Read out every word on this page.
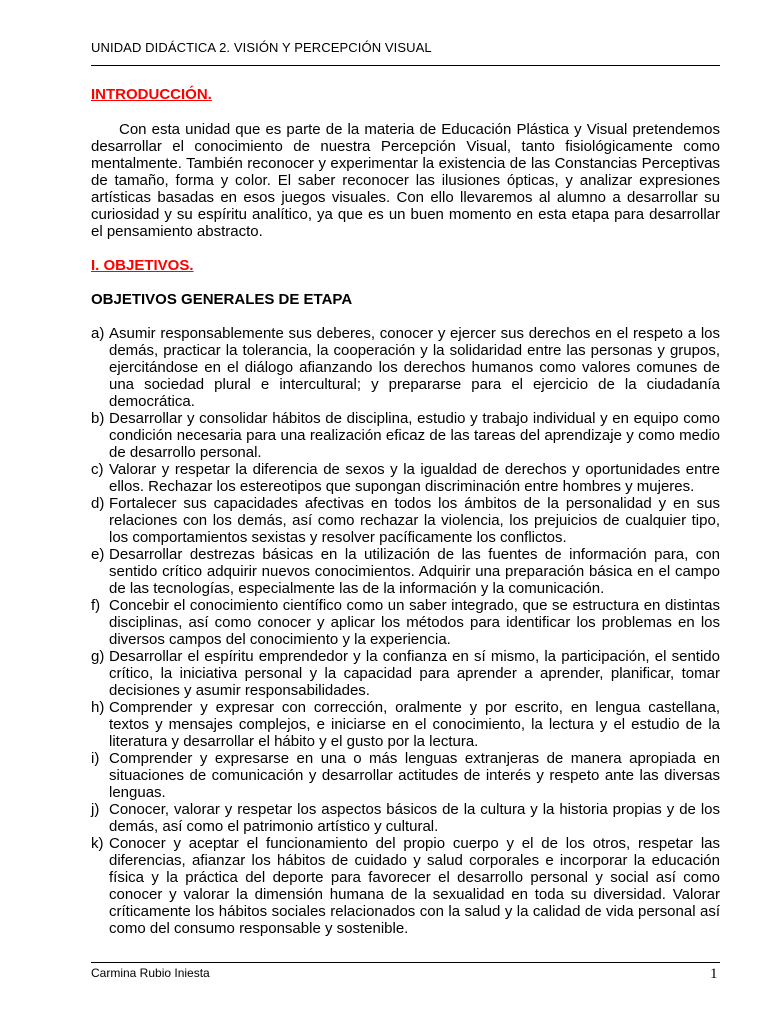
UNIDAD DIDÁCTICA 2. VISIÓN Y PERCEPCIÓN VISUAL

INTRODUCCIÓN.

Con esta unidad que es parte de la materia de Educación Plástica y Visual pretendemos desarrollar el conocimiento de nuestra Percepción Visual, tanto fisiológicamente como mentalmente. También reconocer y experimentar la existencia de las Constancias Perceptivas de tamaño, forma y color. El saber reconocer las ilusiones ópticas, y analizar expresiones artísticas basadas en esos juegos visuales. Con ello llevaremos al alumno a desarrollar su curiosidad y su espíritu analítico, ya que es un buen momento en esta etapa para desarrollar el pensamiento abstracto.

I. OBJETIVOS.

OBJETIVOS GENERALES DE ETAPA

a) Asumir responsablemente sus deberes, conocer y ejercer sus derechos en el respeto a los demás, practicar la tolerancia, la cooperación y la solidaridad entre las personas y grupos, ejercitándose en el diálogo afianzando los derechos humanos como valores comunes de una sociedad plural e intercultural; y prepararse para el ejercicio de la ciudadanía democrática.
b) Desarrollar y consolidar hábitos de disciplina, estudio y trabajo individual y en equipo como condición necesaria para una realización eficaz de las tareas del aprendizaje y como medio de desarrollo personal.
c) Valorar y respetar la diferencia de sexos y la igualdad de derechos y oportunidades entre ellos. Rechazar los estereotipos que supongan discriminación entre hombres y mujeres.
d) Fortalecer sus capacidades afectivas en todos los ámbitos de la personalidad y en sus relaciones con los demás, así como rechazar la violencia, los prejuicios de cualquier tipo, los comportamientos sexistas y resolver pacíficamente los conflictos.
e) Desarrollar destrezas básicas en la utilización de las fuentes de información para, con sentido crítico adquirir nuevos conocimientos. Adquirir una preparación básica en el campo de las tecnologías, especialmente las de la información y la comunicación.
f) Concebir el conocimiento científico como un saber integrado, que se estructura en distintas disciplinas, así como conocer y aplicar los métodos para identificar los problemas en los diversos campos del conocimiento y la experiencia.
g) Desarrollar el espíritu emprendedor y la confianza en sí mismo, la participación, el sentido crítico, la iniciativa personal y la capacidad para aprender a aprender, planificar, tomar decisiones y asumir responsabilidades.
h) Comprender y expresar con corrección, oralmente y por escrito, en lengua castellana, textos y mensajes complejos, e iniciarse en el conocimiento, la lectura y el estudio de la literatura y desarrollar el hábito y el gusto por la lectura.
i) Comprender y expresarse en una o más lenguas extranjeras de manera apropiada en situaciones de comunicación y desarrollar actitudes de interés y respeto ante las diversas lenguas.
j) Conocer, valorar y respetar los aspectos básicos de la cultura y la historia propias y de los demás, así como el patrimonio artístico y cultural.
k) Conocer y aceptar el funcionamiento del propio cuerpo y el de los otros, respetar las diferencias, afianzar los hábitos de cuidado y salud corporales e incorporar la educación física y la práctica del deporte para favorecer el desarrollo personal y social así como conocer y valorar la dimensión humana de la sexualidad en toda su diversidad. Valorar críticamente los hábitos sociales relacionados con la salud y la calidad de vida personal así como del consumo responsable y sostenible.
Carmina Rubio Iniesta	1
